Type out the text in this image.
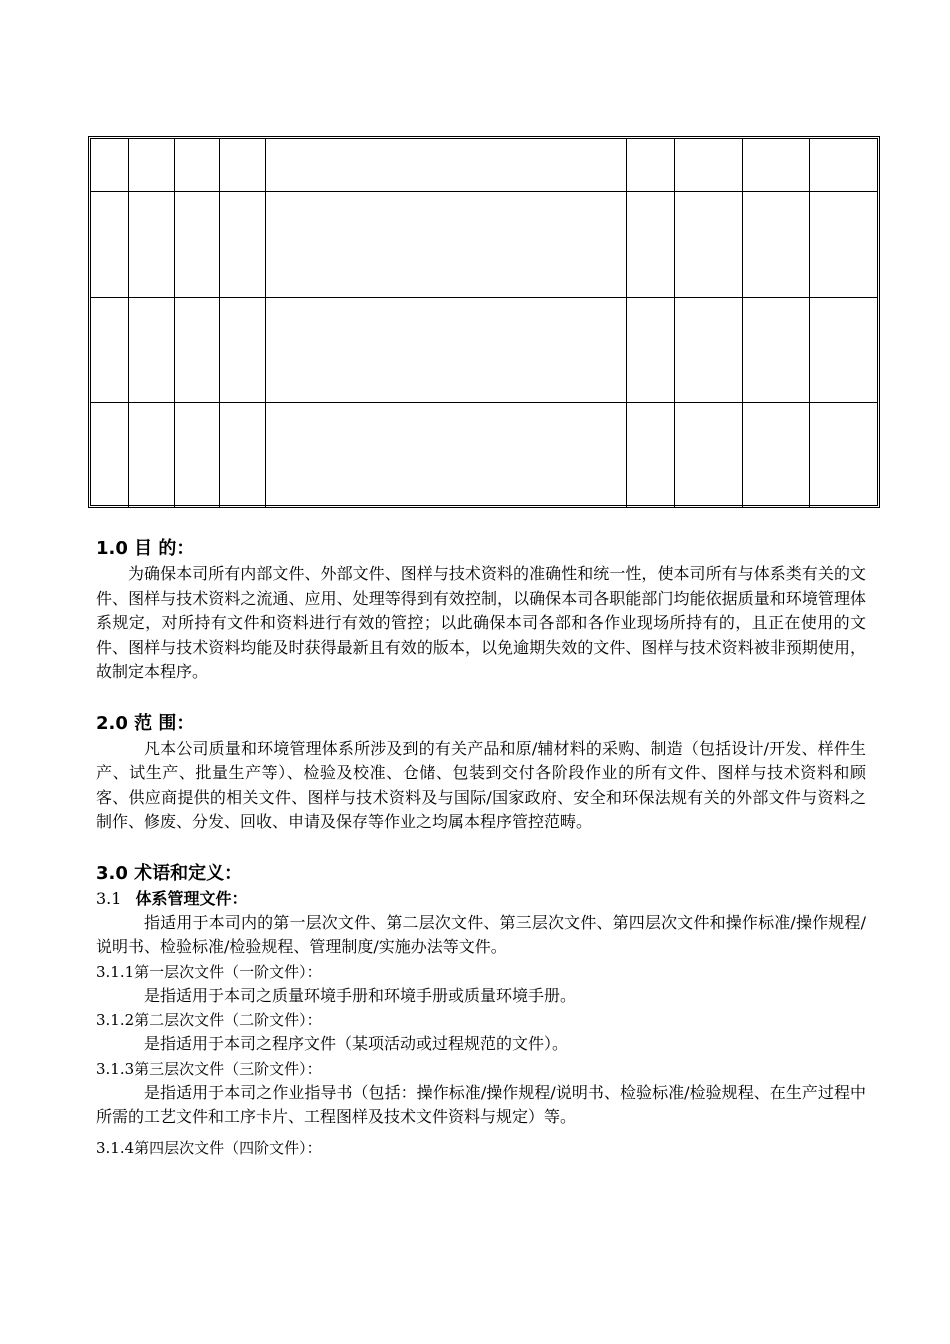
1.0 目 的：

为确保本司所有内部文件、外部文件、图样与技术资料的准确性和统一性，使本司所有与体系类有关的文件、图样与技术资料之流通、应用、处理等得到有效控制，以确保本司各职能部门均能依据质量和环境管理体系规定，对所持有文件和资料进行有效的管控；以此确保本司各部和各作业现场所持有的，且正在使用的文件、图样与技术资料均能及时获得最新且有效的版本，以免逾期失效的文件、图样与技术资料被非预期使用，故制定本程序。

2.0 范 围：

凡本公司质量和环境管理体系所涉及到的有关产品和原/辅材料的采购、制造（包括设计/开发、样件生产、试生产、批量生产等）、检验及校准、仓储、包装到交付各阶段作业的所有文件、图样与技术资料和顾客、供应商提供的相关文件、图样与技术资料及与国际/国家政府、安全和环保法规有关的外部文件与资料之制作、修废、分发、回收、申请及保存等作业之均属本程序管控范畴。

3.0 术语和定义：

3.1 体系管理文件：

指适用于本司内的第一层次文件、第二层次文件、第三层次文件、第四层次文件和操作标准/操作规程/说明书、检验标准/检验规程、管理制度/实施办法等文件。

3.1.1第一层次文件（一阶文件）：

是指适用于本司之质量环境手册和环境手册或质量环境手册。

3.1.2第二层次文件（二阶文件）：

是指适用于本司之程序文件（某项活动或过程规范的文件）。

3.1.3第三层次文件（三阶文件）：

是指适用于本司之作业指导书（包括：操作标准/操作规程/说明书、检验标准/检验规程、在生产过程中所需的工艺文件和工序卡片、工程图样及技术文件资料与规定）等。

3.1.4第四层次文件（四阶文件）：
